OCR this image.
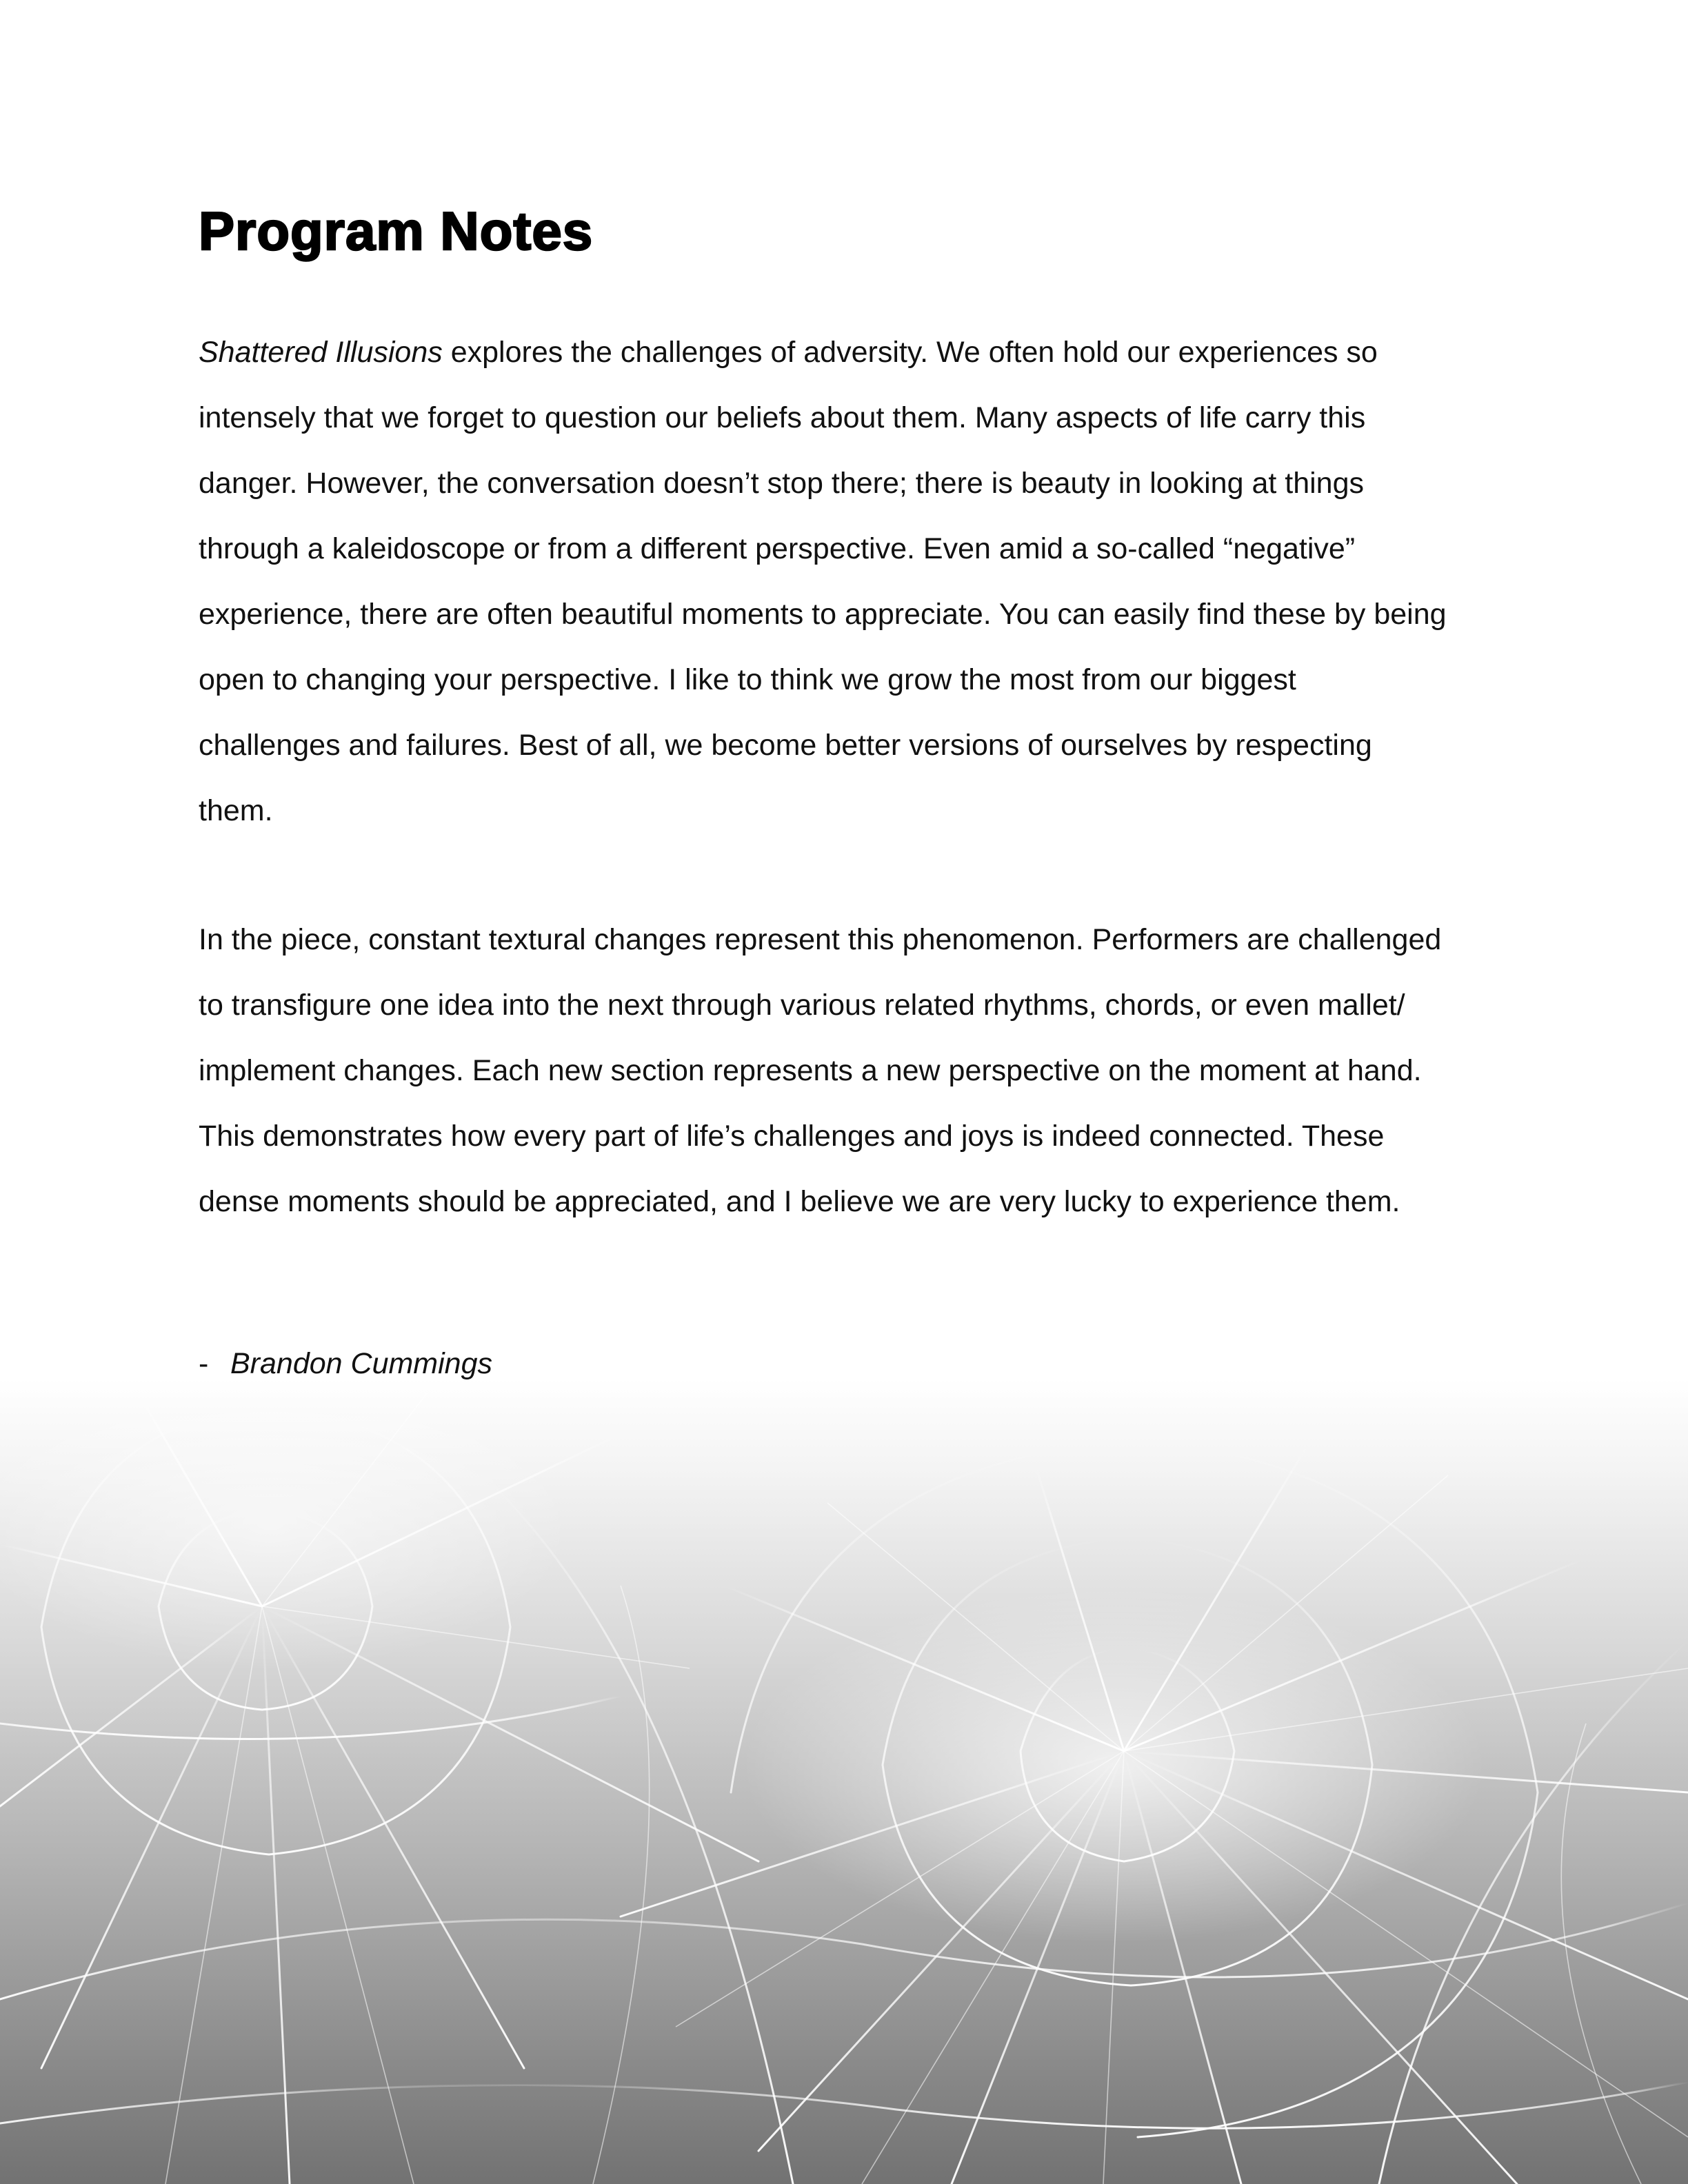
Program Notes
Shattered Illusions explores the challenges of adversity. We often hold our experiences so
intensely that we forget to question our beliefs about them. Many aspects of life carry this
danger. However, the conversation doesn’t stop there; there is beauty in looking at things
through a kaleidoscope or from a different perspective. Even amid a so-called “negative”
experience, there are often beautiful moments to appreciate. You can easily find these by being
open to changing your perspective. I like to think we grow the most from our biggest
challenges and failures. Best of all, we become better versions of ourselves by respecting
them.
In the piece, constant textural changes represent this phenomenon. Performers are challenged
to transfigure one idea into the next through various related rhythms, chords, or even mallet/
implement changes. Each new section represents a new perspective on the moment at hand.
This demonstrates how every part of life’s challenges and joys is indeed connected. These
dense moments should be appreciated, and I believe we are very lucky to experience them.
- Brandon Cummings
